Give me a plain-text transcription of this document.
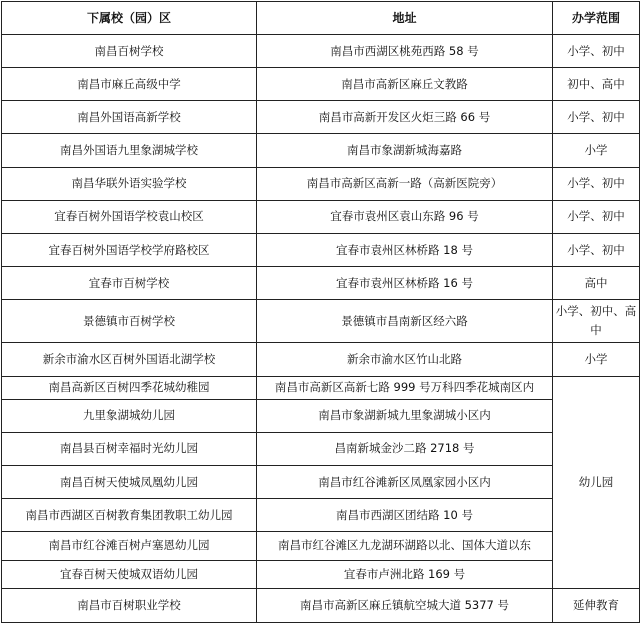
下属校（园）区	地址	办学范围
南昌百树学校	南昌市西湖区桃苑西路 58 号	小学、初中
南昌市麻丘高级中学	南昌市高新区麻丘文教路	初中、高中
南昌外国语高新学校	南昌市高新开发区火炬三路 66 号	小学、初中
南昌外国语九里象湖城学校	南昌市象湖新城海嘉路	小学
南昌华联外语实验学校	南昌市高新区高新一路（高新医院旁）	小学、初中
宜春百树外国语学校袁山校区	宜春市袁州区袁山东路 96 号	小学、初中
宜春百树外国语学校学府路校区	宜春市袁州区林桥路 18 号	小学、初中
宜春市百树学校	宜春市袁州区林桥路 16 号	高中
景德镇市百树学校	景德镇市昌南新区经六路	小学、初中、高中
新余市渝水区百树外国语北湖学校	新余市渝水区竹山北路	小学
南昌高新区百树四季花城幼稚园	南昌市高新区高新七路 999 号万科四季花城南区内	幼儿园
九里象湖城幼儿园	南昌市象湖新城九里象湖城小区内	
南昌县百树幸福时光幼儿园	昌南新城金沙二路 2718 号	
南昌百树天使城凤凰幼儿园	南昌市红谷滩新区凤凰家园小区内	
南昌市西湖区百树教育集团教职工幼儿园	南昌市西湖区团结路 10 号	
南昌市红谷滩百树卢塞恩幼儿园	南昌市红谷滩区九龙湖环湖路以北、国体大道以东	
宜春百树天使城双语幼儿园	宜春市卢洲北路 169 号	
南昌市百树职业学校	南昌市高新区麻丘镇航空城大道 5377 号	延伸教育
